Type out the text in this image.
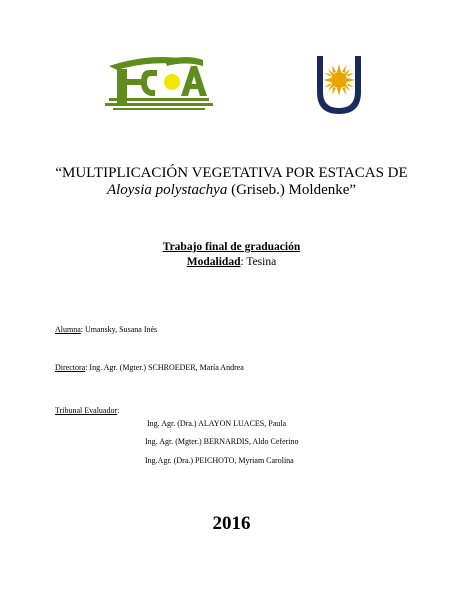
“MULTIPLICACIÓN VEGETATIVA POR ESTACAS DE
Aloysia polystachya (Griseb.) Moldenke”
Trabajo final de graduación
Modalidad: Tesina
Alumna: Umansky, Susana Inés
Directora: Ing. Agr. (Mgter.) SCHROEDER, María Andrea
Tribunal Evaluador:
Ing. Agr. (Dra.) ALAYON LUACES, Paula
Ing. Agr. (Mgter.) BERNARDIS, Aldo Ceferino
Ing.Agr. (Dra.) PEICHOTO, Myriam Carolina
2016
